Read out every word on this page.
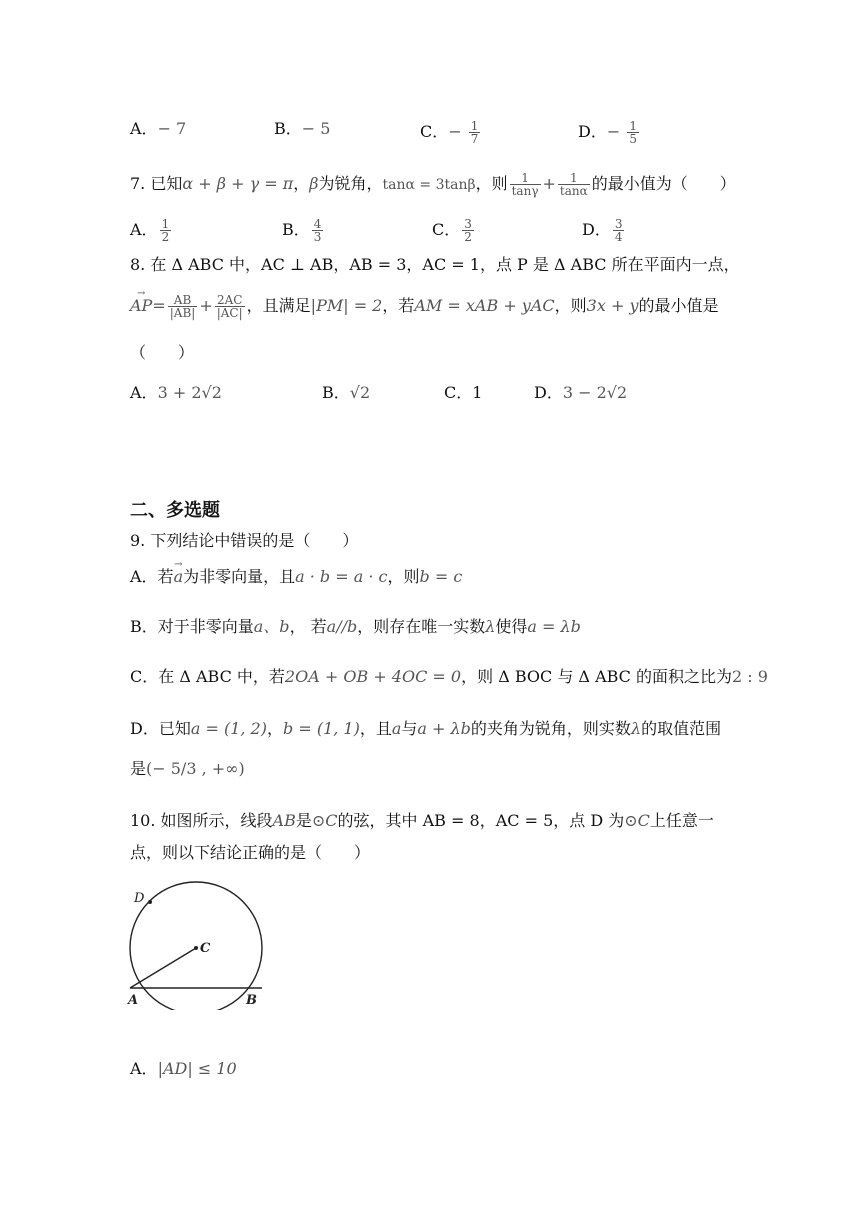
A．− 7	B．− 5	C．− $\frac{1}{7}$	D．− $\frac{1}{5}$
7. 已知α + β + γ = π，β为锐角，tanα = 3tanβ，则 $\frac{1}{\tan\gamma} + \frac{1}{\tan\alpha}$ 的最小值为（　　）
A． $\frac{1}{2}$	B． $\frac{4}{3}$	C． $\frac{3}{2}$	D． $\frac{3}{4}$
8. 在 Δ ABC 中，AC ⊥ AB，AB = 3，AC = 1，点 P 是 Δ ABC 所在平面内一点，
→ $AP= \frac{AB}{|AB|} + \frac{2AC}{|AC|}$ ，且满足|PM| = 2，若AM = xAB + yAC，则3x + y的最小值是
（　　）
A．3 + 2√2	B．√2	C．1	D．3 − 2√2
二、多选题
9. 下列结论中错误的是（　　）
A．若→ a为非零向量，且a · b = a · c，则b = c
B．对于非零向量a、b， 若a//b，则存在唯一实数λ使得a = λb
C．在 Δ ABC 中，若2OA + OB + 4OC = 0，则 Δ BOC 与 Δ ABC 的面积之比为2 : 9
D．已知a = (1, 2)，b = (1, 1)，且a与a + λb的夹角为锐角，则实数λ的取值范围
是(− 5/3 , +∞)
10. 如图所示，线段AB是⊙C的弦，其中 AB = 8，AC = 5，点 D 为⊙C上任意一
点，则以下结论正确的是（　　）
D
C
A	B
A．|AD| ≤ 10
